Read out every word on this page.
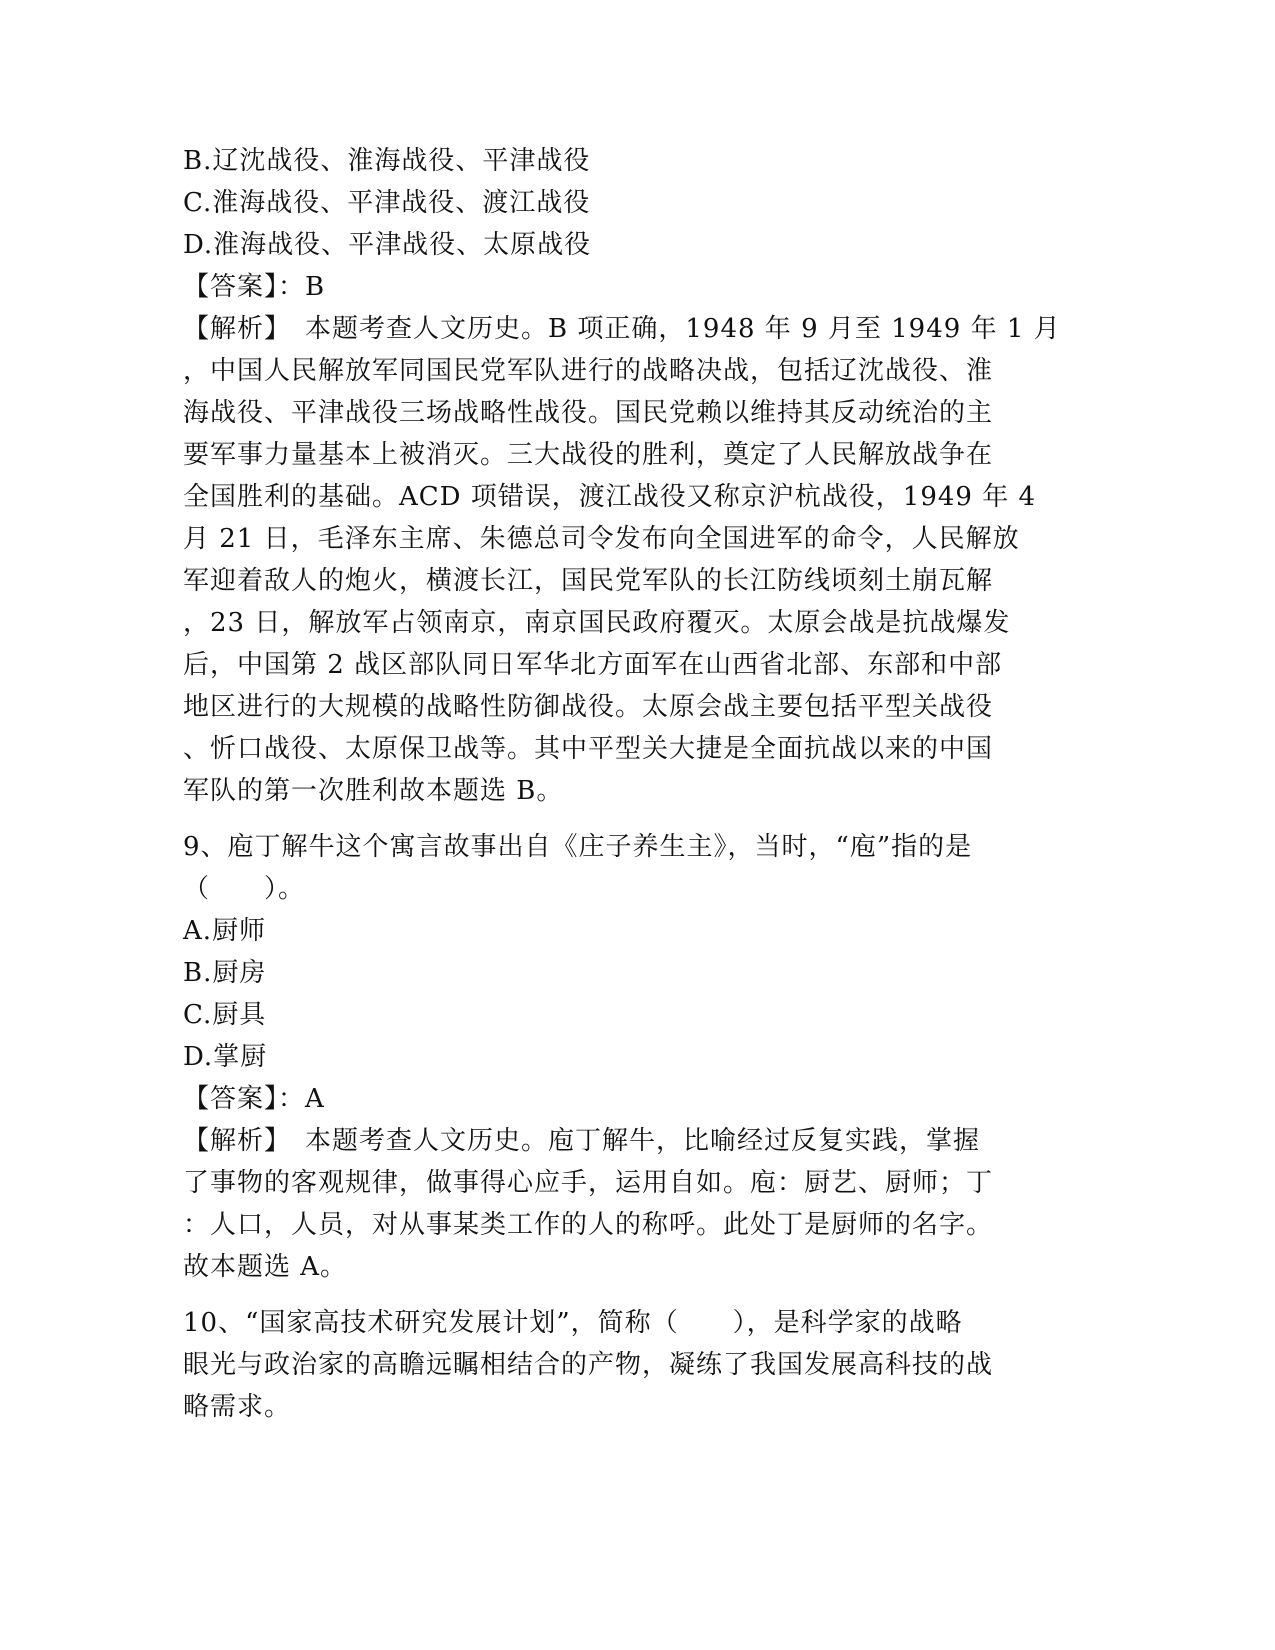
B.辽沈战役、淮海战役、平津战役
C.淮海战役、平津战役、渡江战役
D.淮海战役、平津战役、太原战役
【答案】：B
【解析】　本题考查人文历史。B 项正确，1948 年 9 月至 1949 年 1 月
，中国人民解放军同国民党军队进行的战略决战，包括辽沈战役、淮
海战役、平津战役三场战略性战役。国民党赖以维持其反动统治的主
要军事力量基本上被消灭。三大战役的胜利，奠定了人民解放战争在
全国胜利的基础。ACD 项错误，渡江战役又称京沪杭战役，1949 年 4
月 21 日，毛泽东主席、朱德总司令发布向全国进军的命令，人民解放
军迎着敌人的炮火，横渡长江，国民党军队的长江防线顷刻土崩瓦解
，23 日，解放军占领南京，南京国民政府覆灭。太原会战是抗战爆发
后，中国第 2 战区部队同日军华北方面军在山西省北部、东部和中部
地区进行的大规模的战略性防御战役。太原会战主要包括平型关战役
、忻口战役、太原保卫战等。其中平型关大捷是全面抗战以来的中国
军队的第一次胜利故本题选 B。
9、庖丁解牛这个寓言故事出自《庄子养生主》，当时，“庖”指的是
（　　）。
A.厨师
B.厨房
C.厨具
D.掌厨
【答案】：A
【解析】　本题考查人文历史。庖丁解牛，比喻经过反复实践，掌握
了事物的客观规律，做事得心应手，运用自如。庖：厨艺、厨师；丁
：人口，人员，对从事某类工作的人的称呼。此处丁是厨师的名字。
故本题选 A。
10、“国家高技术研究发展计划”，简称（　　），是科学家的战略
眼光与政治家的高瞻远瞩相结合的产物，凝练了我国发展高科技的战
略需求。
